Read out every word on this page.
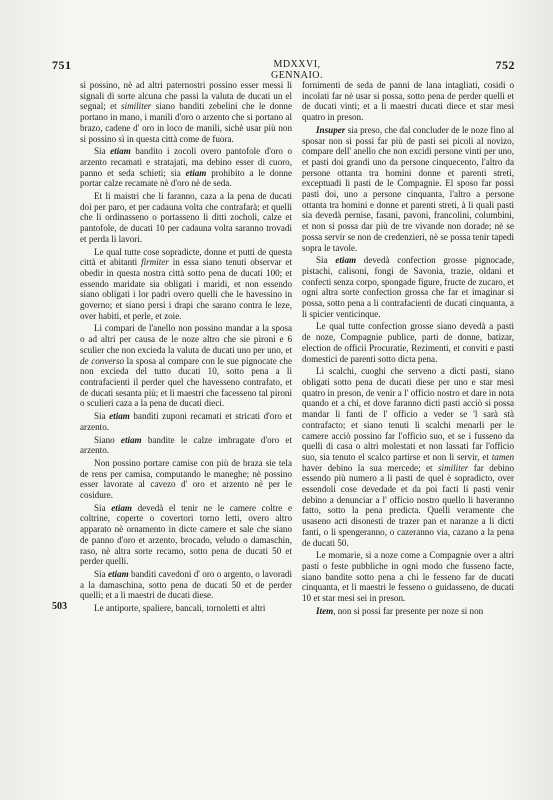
751	MDXXVI, GENNAIO.
752
503

si possino, nè ad altri paternostri possino esser messi li signali di sorte alcuna che passi la valuta de ducati un el segnal; et similiter siano banditi zebelini che le donne portano in mano, i manili d'oro o arzento che si portano al brazo, cadene d' oro in loco de manili, sichè usar più non si possino sì in questa città come de fuora.

Sia etiam bandito i zocoli overo pantofole d'oro o arzento recamati e stratajati, ma debino esser di cuoro, panno et seda schieti; sia etiam prohibito a le donne portar calze recamate nè d'oro nè de seda.

Et li maistri che li faranno, caza a la pena de ducati doi per paro, et per cadauna volta che contrafarà; et quelli che li ordinasseno o portasseno li ditti zocholi, calze et pantofole, de ducati 10 per cadauna volta saranno trovadi et perda li lavori.

Le qual tutte cose sopradicte, donne et putti de questa città et abitanti firmiter in essa siano tenuti observar et obedir in questa nostra città sotto pena de ducati 100; et essendo maridate sia obligati i maridi, et non essendo siano obligati i lor padri overo quelli che le havessino in governo; et siano persi i drapi che sarano contra le leze, over habiti, et perle, et zoie.

Li compari de l'anello non possino mandar a la sposa o ad altri per causa de le noze altro che sie pironi e 6 sculier che non excieda la valuta de ducati uno per uno, et de converso la sposa al compare con le sue pignocate che non excieda del tutto ducati 10, sotto pena a li contrafacienti il perder quel che havesseno contrafato, et de ducati sesanta più; et li maestri che facesseno tal pironi o sculieri caza a la pena de ducati dieci.

Sia etiam banditi zuponi recamati et stricati d'oro et arzento.

Siano etiam bandite le calze imbragate d'oro et arzento.

Non possino portare camise con più de braza sie tela de rens per camisa, computando le maneghe; nè possino esser lavorate al cavezo d' oro et arzento nè per le cosidure.

Sia etiam devedà el tenir ne le camere coltre e coltrine, coperte o covertori torno letti, overo altro apparato nè ornamento in dicte camere et sale che siano de panno d'oro et arzento, brocado, veludo o damaschin, raso, nè altra sorte recamo, sotto pena de ducati 50 et perder quelli.

Sia etiam banditi cavedoni d' oro o argento, o lavoradi a la damaschina, sotto pena de ducati 50 et de perder quelli; et a li maestri de ducati diese.

Le antiporte, spaliere, bancali, tornoletti et altri

fornimenti de seda de panni de lana intagliati, cosidi o incolati far nè usar si possa, sotto pena de perder quelli et de ducati vinti; et a li maestri ducati diece et star mesi quatro in preson.

Insuper sia preso, che dal concluder de le noze fino al sposar non si possi far più de pasti sei picoli al novizo, compare dell' anello che non excidi persone vinti per uno, et pasti doi grandi uno da persone cinquecento, l'altro da persone ottanta tra homini donne et parenti streti, exceptuadi li pasti de le Compagnie. El sposo far possi pasti doi, uno a persone cinquanta, l'altro a persone ottanta tra homini e donne et parenti streti, à li quali pasti sia devedà pernise, fasani, pavoni, francolini, columbini, et non si possa dar più de tre vivande non dorade; nè se possa servir se non de credenzieri, nè se possa tenir tapedi sopra le tavole.

Sia etiam devedà confection grosse pignocade, pistachi, calisoni, fongi de Savonia, trazie, oldani et confecti senza corpo, spongade figure, fructe de zucaro, et ogni altra sorte confection grossa che far et imaginar si possa, sotto pena a li contrafacienti de ducati cinquanta, a li spicier venticinque.

Le qual tutte confection grosse siano devedà a pasti de noze, Compagnie publice, parti de donne, batizar, election de officii Procuratie, Rezimenti, et conviti e pasti domestici de parenti sotto dicta pena.

Li scalchi, cuoghi che serveno a dicti pasti, siano obligati sotto pena de ducati diese per uno e star mesi quatro in preson, de venir a l' officio nostro et dare in nota quando et a chi, et dove faranno dicti pasti acciò si possa mandar li fanti de l' officio a veder se 'l sarà stà contrafacto; et siano tenuti li scalchi menarli per le camere acciò possino far l'officio suo, et se i fusseno da quelli di casa o altri molestati et non lassati far l'officio suo, sia tenuto el scalco partirse et non li servir, et tamen haver debino la sua mercede; et similiter far debino essendo più numero a li pasti de quel è sopradicto, over essendoli cose devedade et da poi facti li pasti venir debino a denunciar a l' officio nostro quello li haveranno fatto, sotto la pena predicta. Quelli veramente che usaseno acti disonesti de trazer pan et naranze a li dicti fanti, o li spengeranno, o cazeranno via, cazano a la pena de ducati 50.

Le momarie, sì a noze come a Compagnie over a altri pasti o feste pubbliche in ogni modo che fusseno facte, siano bandite sotto pena a chi le fesseno far de ducati cinquanta, et li maestri le fesseno o guidasseno, de ducati 10 et star mesi sei in preson.

Item, non si possi far presente per noze si non
